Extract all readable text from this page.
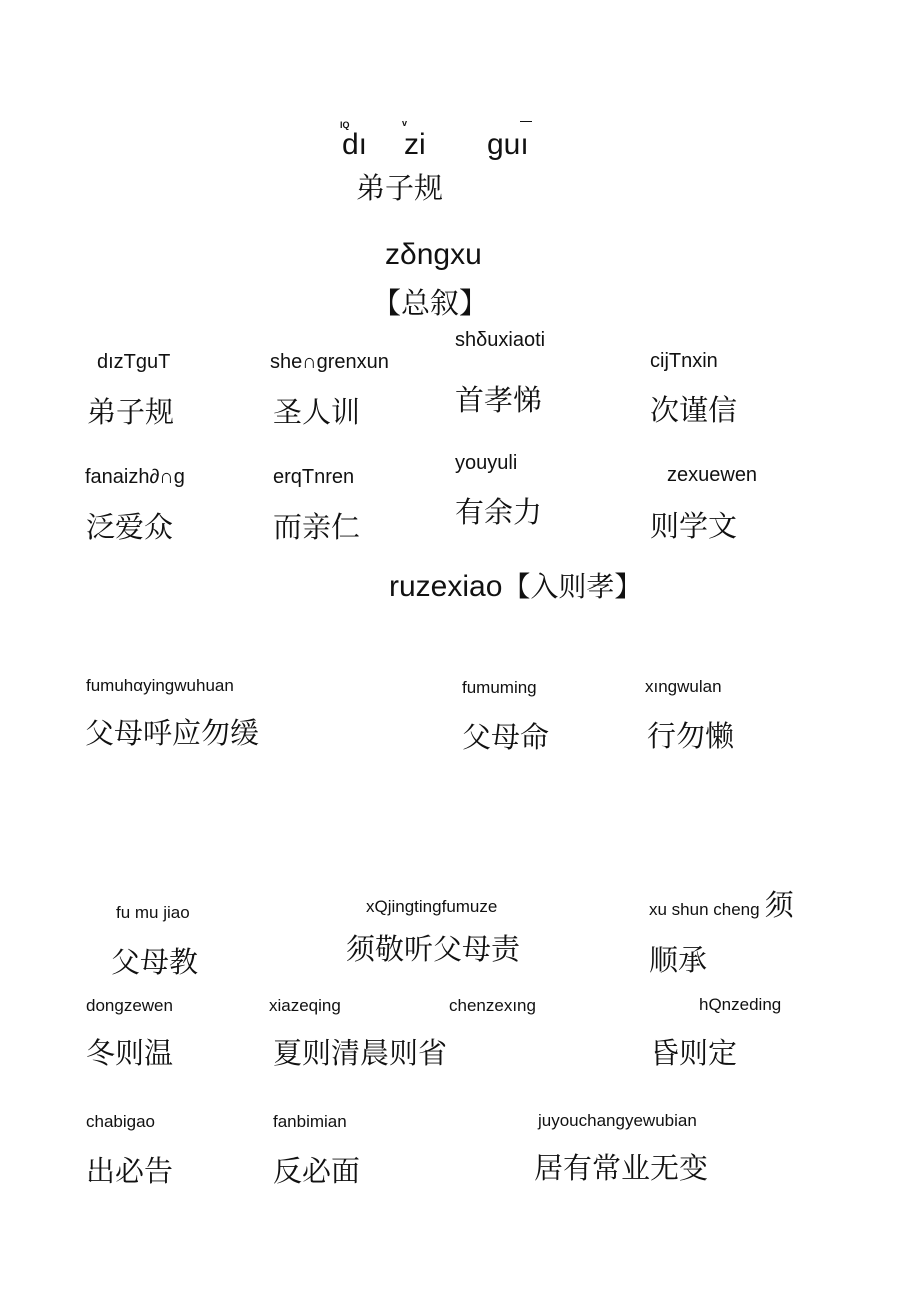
IQ	v
dı zi guı
弟子规
zδngxu
【总叙】
dızTguT
弟子规
she∩grenxun
圣人训
shδuxiaoti
首孝悌
cijTnxin
次谨信
fanaizh∂∩g
泛爱众
erqTnren
而亲仁
youyuli
有余力
zexuewen
则学文
ruzexiao【入则孝】
fumuhαyingwuhuan
父母呼应勿缓
fumuming
父母命
xıngwulan
行勿懒
fu mu jiao
父母教
xQjingtingfumuze
须敬听父母责
xu shun cheng 须
顺承
dongzewen
冬则温
xiazeqing
夏则清晨则省
chenzexıng	hQnzeding
昏则定
chabigao
出必告
fanbimian
反必面
juyouchangyewubian
居有常业无变
